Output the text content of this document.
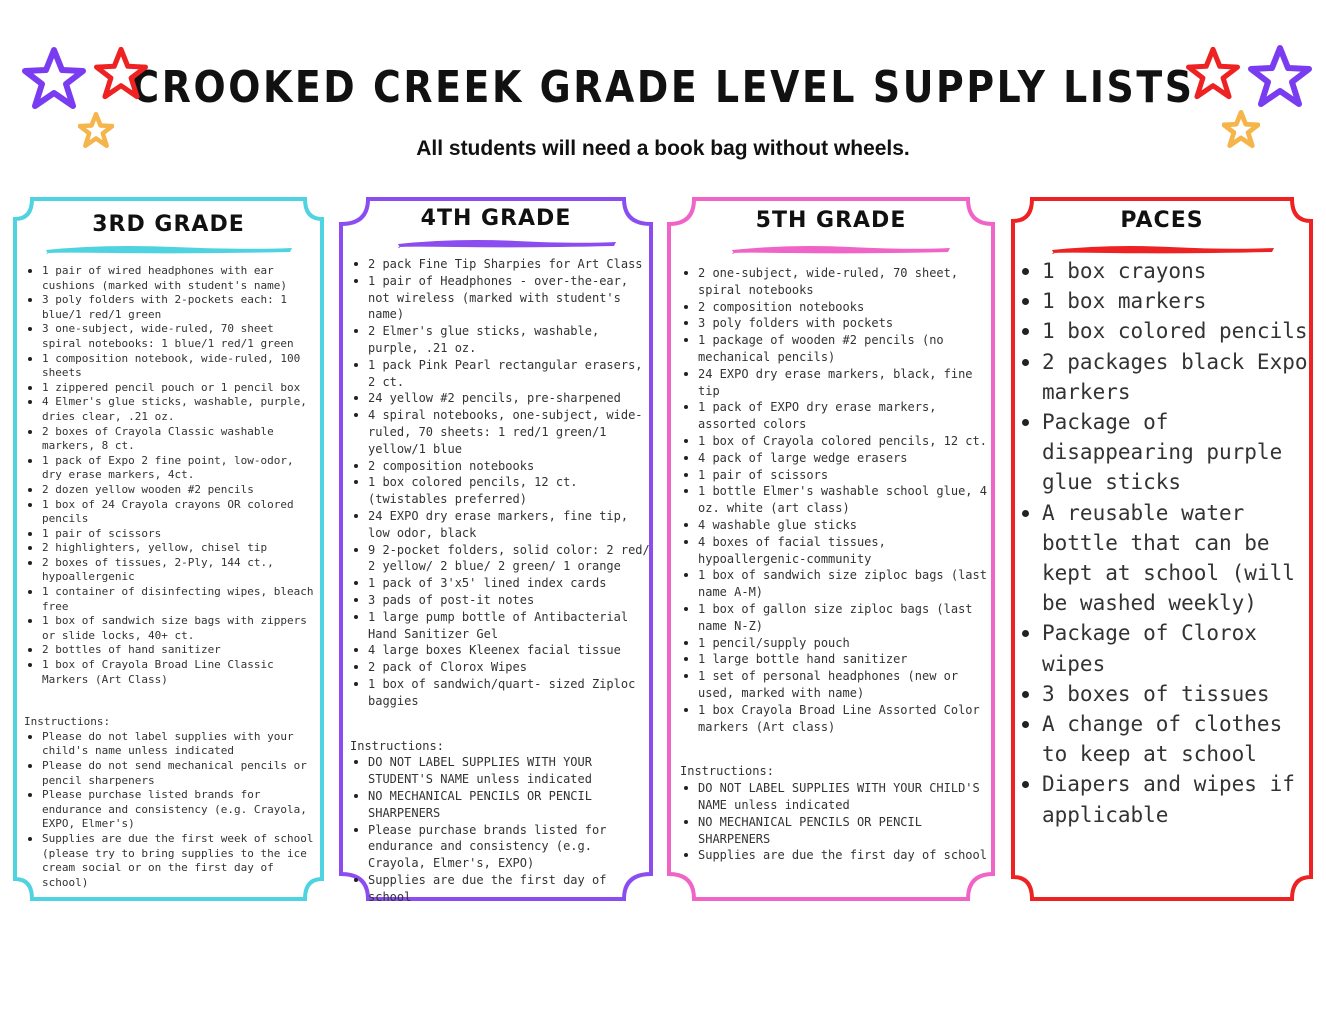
CROOKED CREEK GRADE LEVEL SUPPLY LISTS
All students will need a book bag without wheels.
3RD GRADE
1 pair of wired headphones with ear cushions (marked with student's name)
3 poly folders with 2-pockets each: 1 blue/1 red/1 green
3 one-subject, wide-ruled, 70 sheet spiral notebooks: 1 blue/1 red/1 green
1 composition notebook, wide-ruled, 100 sheets
1 zippered pencil pouch or 1 pencil box
4 Elmer's glue sticks, washable, purple, dries clear, .21 oz.
2 boxes of Crayola Classic washable markers, 8 ct.
1 pack of Expo 2 fine point, low-odor, dry erase markers, 4ct.
2 dozen yellow wooden #2 pencils
1 box of 24 Crayola crayons OR colored pencils
1 pair of scissors
2 highlighters, yellow, chisel tip
2 boxes of tissues, 2-Ply, 144 ct., hypoallergenic
1 container of disinfecting wipes, bleach free
1 box of sandwich size bags with zippers or slide locks, 40+ ct.
2 bottles of hand sanitizer
1 box of Crayola Broad Line Classic Markers (Art Class)
Instructions:
Please do not label supplies with your child's name unless indicated
Please do not send mechanical pencils or pencil sharpeners
Please purchase listed brands for endurance and consistency (e.g. Crayola, EXPO, Elmer's)
Supplies are due the first week of school (please try to bring supplies to the ice cream social or on the first day of school)
4TH GRADE
2 pack Fine Tip Sharpies for Art Class
1 pair of Headphones - over-the-ear, not wireless (marked with student's name)
2 Elmer's glue sticks, washable, purple, .21 oz.
1 pack Pink Pearl rectangular erasers, 2 ct.
24 yellow #2 pencils, pre-sharpened
4 spiral notebooks, one-subject, wide-ruled, 70 sheets: 1 red/1 green/1 yellow/1 blue
2 composition notebooks
1 box colored pencils, 12 ct. (twistables preferred)
24 EXPO dry erase markers, fine tip, low odor, black
9 2-pocket folders, solid color: 2 red/ 2 yellow/ 2 blue/ 2 green/ 1 orange
1 pack of 3'x5' lined index cards
3 pads of post-it notes
1 large pump bottle of Antibacterial Hand Sanitizer Gel
4 large boxes Kleenex facial tissue
2 pack of Clorox Wipes
1 box of sandwich/quart- sized Ziploc baggies
Instructions:
DO NOT LABEL SUPPLIES WITH YOUR STUDENT'S NAME unless indicated
NO MECHANICAL PENCILS OR PENCIL SHARPENERS
Please purchase brands listed for endurance and consistency (e.g. Crayola, Elmer's, EXPO)
Supplies are due the first day of school
5TH GRADE
2 one-subject, wide-ruled, 70 sheet, spiral notebooks
2 composition notebooks
3 poly folders with pockets
1 package of wooden #2 pencils (no mechanical pencils)
24 EXPO dry erase markers, black, fine tip
1 pack of EXPO dry erase markers, assorted colors
1 box of Crayola colored pencils, 12 ct.
4 pack of large wedge erasers
1 pair of scissors
1 bottle Elmer's washable school glue, 4 oz. white (art class)
4 washable glue sticks
4 boxes of facial tissues, hypoallergenic-community
1 box of sandwich size ziploc bags (last name A-M)
1 box of gallon size ziploc bags (last name N-Z)
1 pencil/supply pouch
1 large bottle hand sanitizer
1 set of personal headphones (new or used, marked with name)
1 box Crayola Broad Line Assorted Color markers (Art class)
Instructions:
DO NOT LABEL SUPPLIES WITH YOUR CHILD'S NAME unless indicated
NO MECHANICAL PENCILS OR PENCIL SHARPENERS
Supplies are due the first day of school
PACES
1 box crayons
1 box markers
1 box colored pencils
2 packages black Expo markers
Package of disappearing purple glue sticks
A reusable water bottle that can be kept at school (will be washed weekly)
Package of Clorox wipes
3 boxes of tissues
A change of clothes to keep at school
Diapers and wipes if applicable
